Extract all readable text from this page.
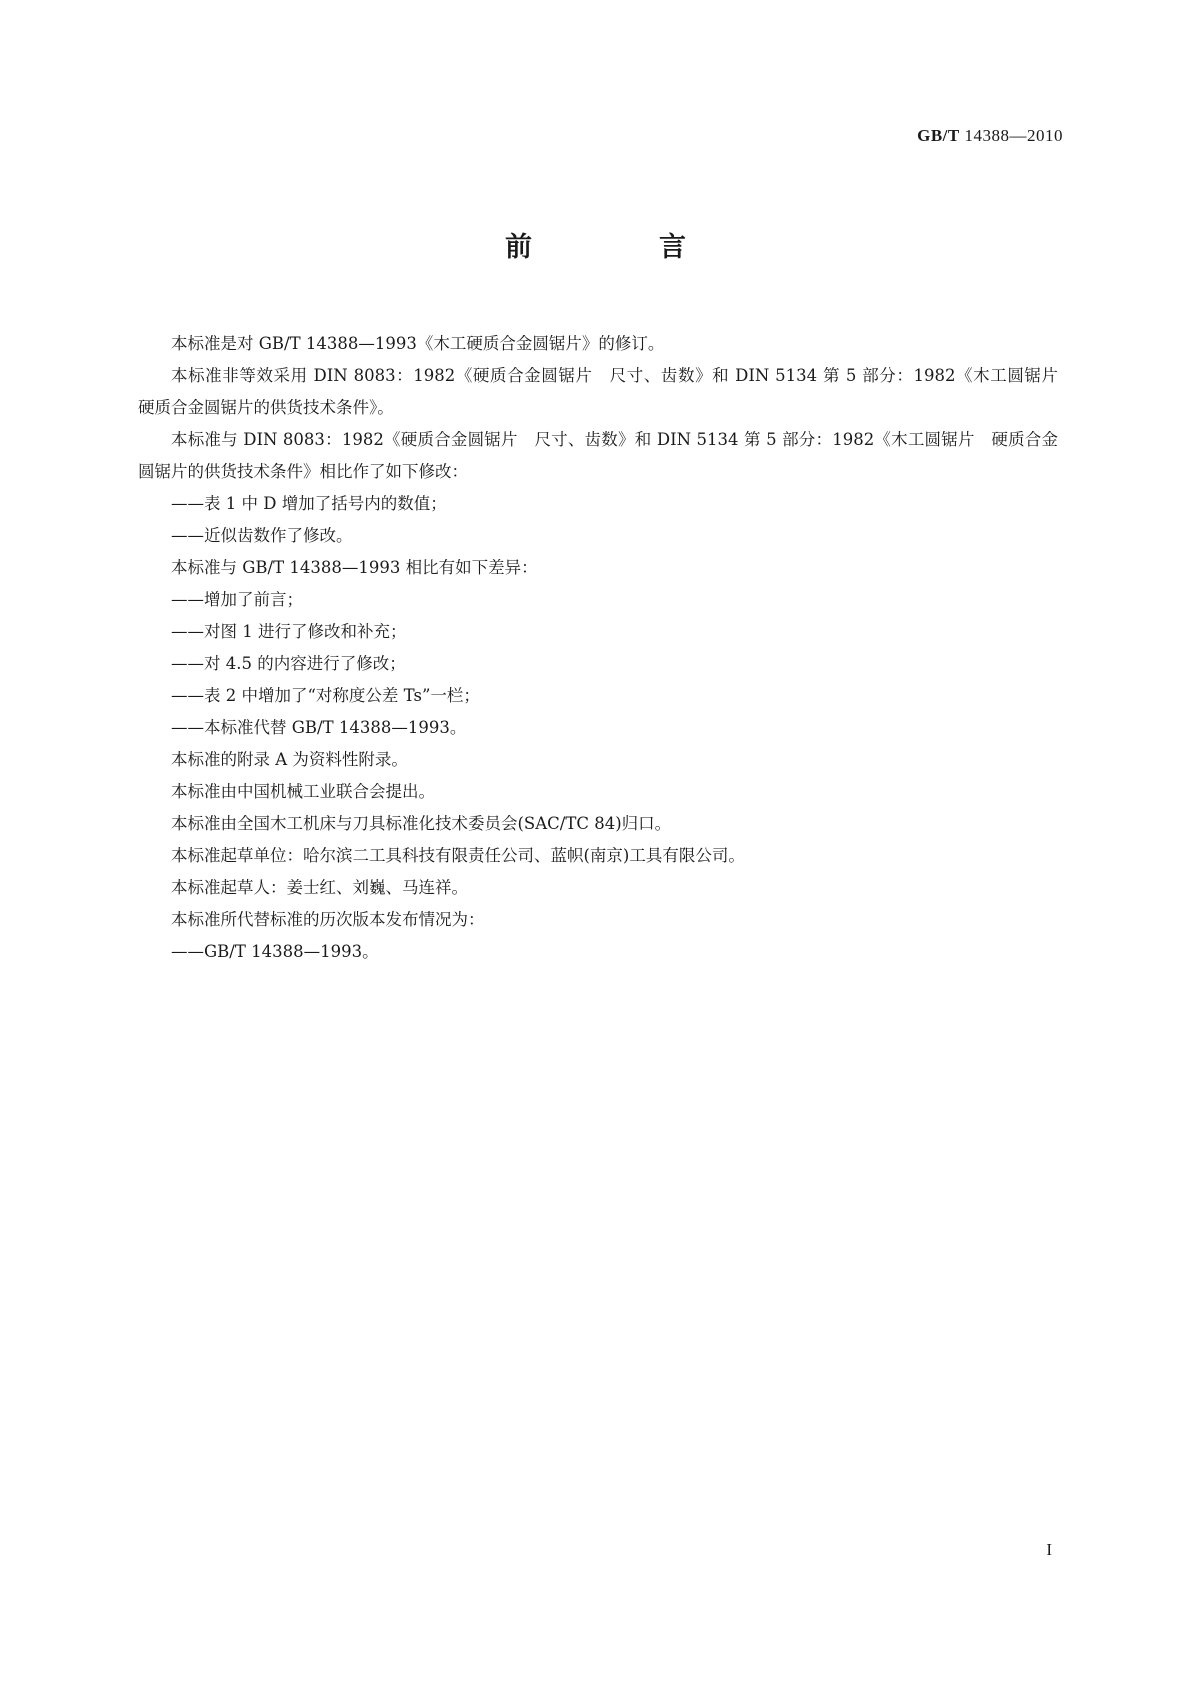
GB/T 14388—2010
前　言

本标准是对 GB/T 14388—1993《木工硬质合金圆锯片》的修订。

本标准非等效采用 DIN 8083：1982《硬质合金圆锯片　尺寸、齿数》和 DIN 5134 第 5 部分：1982《木工圆锯片　硬质合金圆锯片的供货技术条件》。

本标准与 DIN 8083：1982《硬质合金圆锯片　尺寸、齿数》和 DIN 5134 第 5 部分：1982《木工圆锯片　硬质合金圆锯片的供货技术条件》相比作了如下修改：

——表 1 中 D 增加了括号内的数值；

——近似齿数作了修改。

本标准与 GB/T 14388—1993 相比有如下差异：

——增加了前言；

——对图 1 进行了修改和补充；

——对 4.5 的内容进行了修改；

——表 2 中增加了“对称度公差 Ts”一栏；

——本标准代替 GB/T 14388—1993。

本标准的附录 A 为资料性附录。

本标准由中国机械工业联合会提出。

本标准由全国木工机床与刀具标准化技术委员会(SAC/TC 84)归口。

本标准起草单位：哈尔滨二工具科技有限责任公司、蓝帜(南京)工具有限公司。

本标准起草人：姜士红、刘巍、马连祥。

本标准所代替标准的历次版本发布情况为：

——GB/T 14388—1993。

I
